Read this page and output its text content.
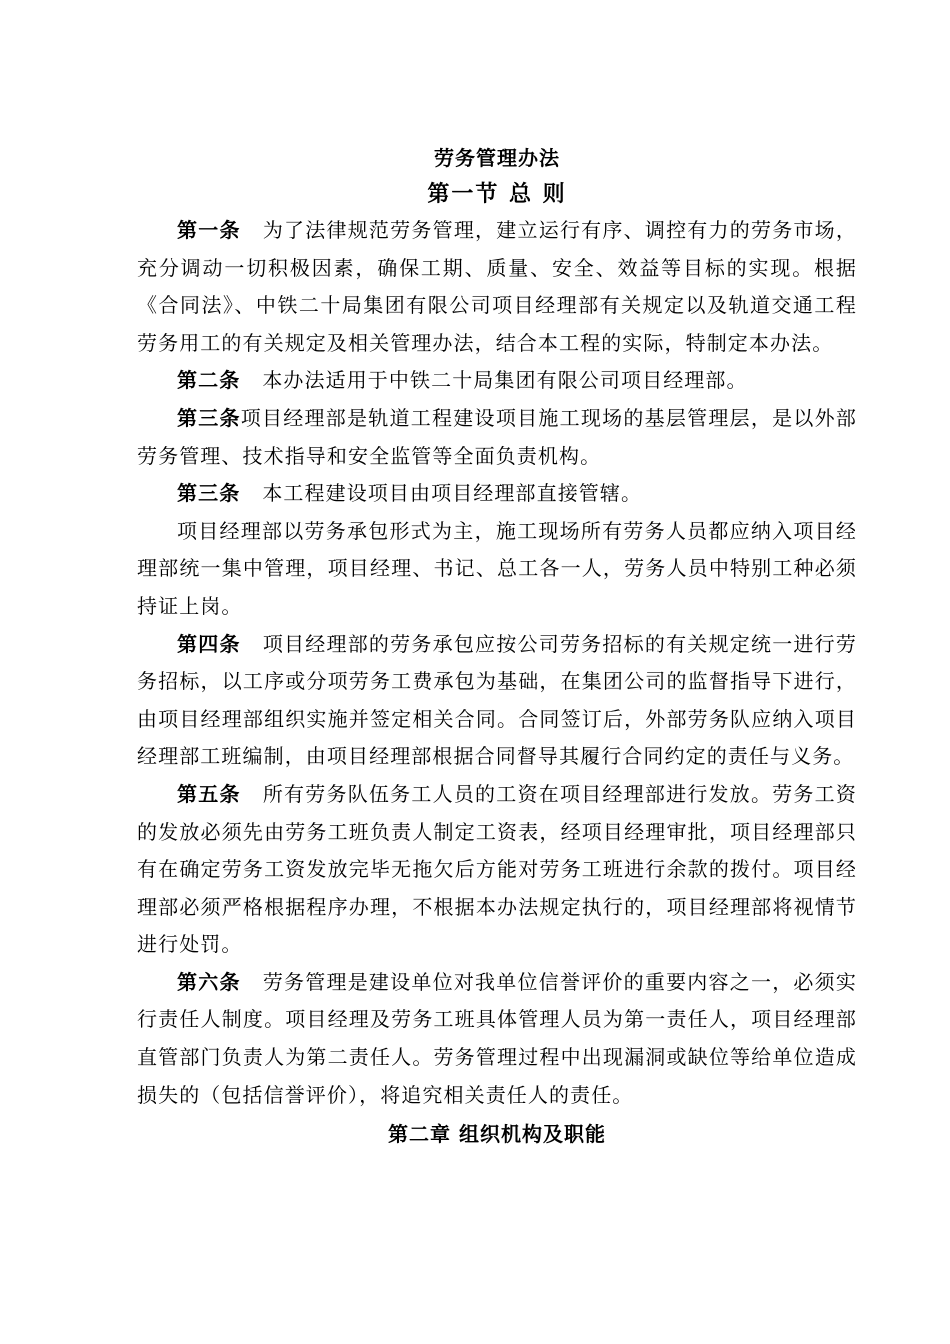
劳务管理办法
第一节 总 则

第一条 为了法律规范劳务管理，建立运行有序、调控有力的劳务市场， 充分调动一切积极因素，确保工期、质量、安全、效益等目标的实现。根据《合同法》、中铁二十局集团有限公司项目经理部有关规定以及轨道交通工程劳务用工的有关规定及相关管理办法，结合本工程的实际，特制定本办法。

第二条 本办法适用于中铁二十局集团有限公司项目经理部。

第三条项目经理部是轨道工程建设项目施工现场的基层管理层，是以外部劳务管理、技术指导和安全监管等全面负责机构。

第三条 本工程建设项目由项目经理部直接管辖。

项目经理部以劳务承包形式为主，施工现场所有劳务人员都应纳入项目经理部统一集中管理，项目经理、书记、总工各一人，劳务人员中特别工种必须持证上岗。

第四条 项目经理部的劳务承包应按公司劳务招标的有关规定统一进行劳务招标，以工序或分项劳务工费承包为基础，在集团公司的监督指导下进行，由项目经理部组织实施并签定相关合同。合同签订后，外部劳务队应纳入项目经理部工班编制，由项目经理部根据合同督导其履行合同约定的责任与义务。

第五条 所有劳务队伍务工人员的工资在项目经理部进行发放。劳务工资的发放必须先由劳务工班负责人制定工资表，经项目经理审批，项目经理部只有在确定劳务工资发放完毕无拖欠后方能对劳务工班进行余款的拨付。项目经理部必须严格根据程序办理，不根据本办法规定执行的，项目经理部将视情节进行处罚。

第六条 劳务管理是建设单位对我单位信誉评价的重要内容之一，必须实行责任人制度。项目经理及劳务工班具体管理人员为第一责任人，项目经理部直管部门负责人为第二责任人。劳务管理过程中出现漏洞或缺位等给单位造成损失的（包括信誉评价），将追究相关责任人的责任。

第二章 组织机构及职能
